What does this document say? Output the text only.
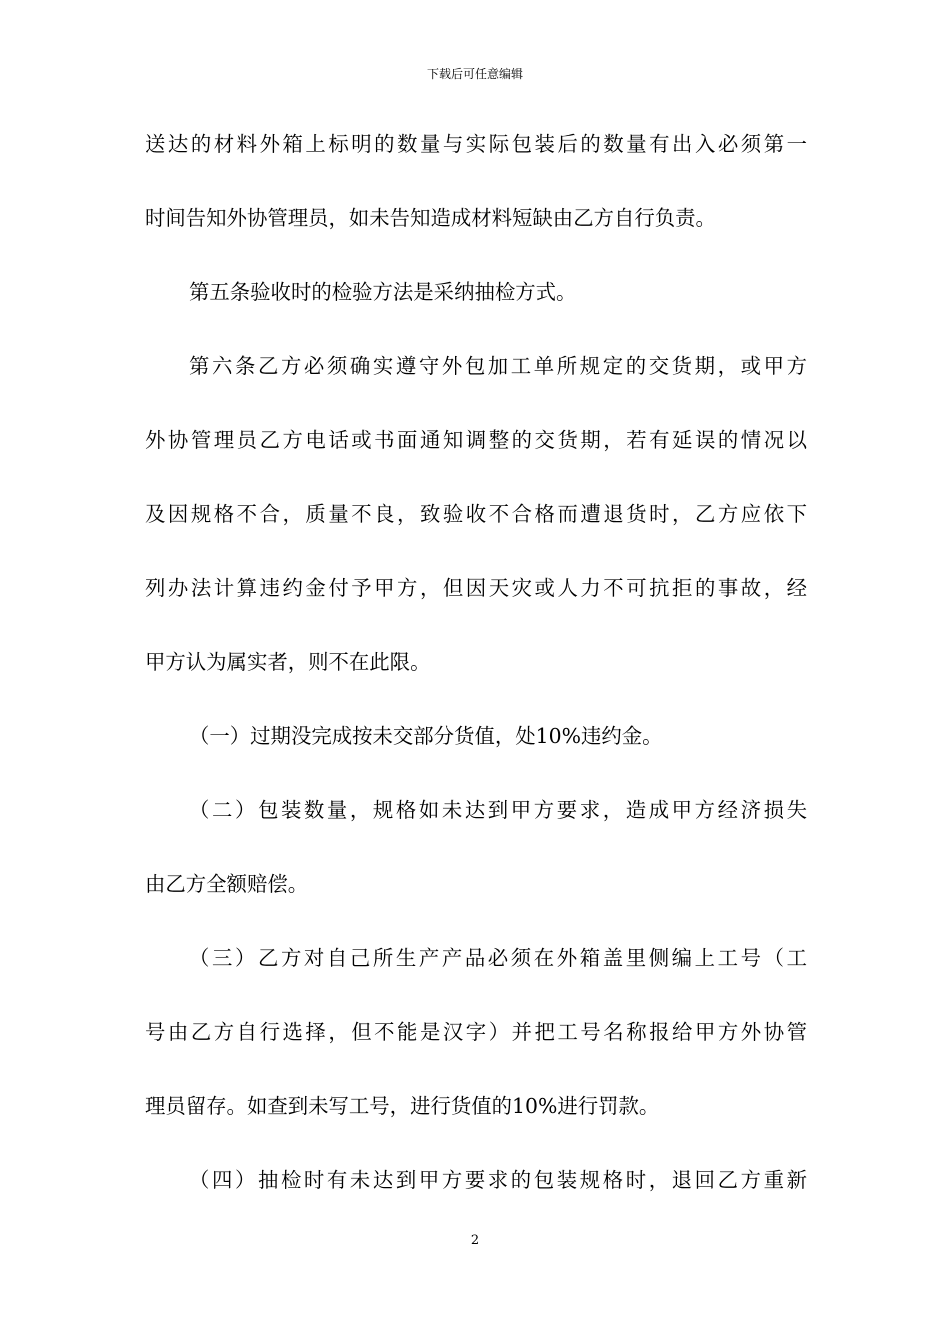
下载后可任意编辑
送达的材料外箱上标明的数量与实际包装后的数量有出入必须第一
时间告知外协管理员，如未告知造成材料短缺由乙方自行负责。
第五条验收时的检验方法是采纳抽检方式。
第六条乙方必须确实遵守外包加工单所规定的交货期，或甲方
外协管理员乙方电话或书面通知调整的交货期，若有延误的情况以
及因规格不合，质量不良，致验收不合格而遭退货时，乙方应依下
列办法计算违约金付予甲方，但因天灾或人力不可抗拒的事故，经
甲方认为属实者，则不在此限。
（一）过期没完成按未交部分货值，处10%违约金。
（二）包装数量，规格如未达到甲方要求，造成甲方经济损失
由乙方全额赔偿。
（三）乙方对自己所生产产品必须在外箱盖里侧编上工号（工
号由乙方自行选择，但不能是汉字）并把工号名称报给甲方外协管
理员留存。如查到未写工号，进行货值的10%进行罚款。
（四）抽检时有未达到甲方要求的包装规格时，退回乙方重新
2
